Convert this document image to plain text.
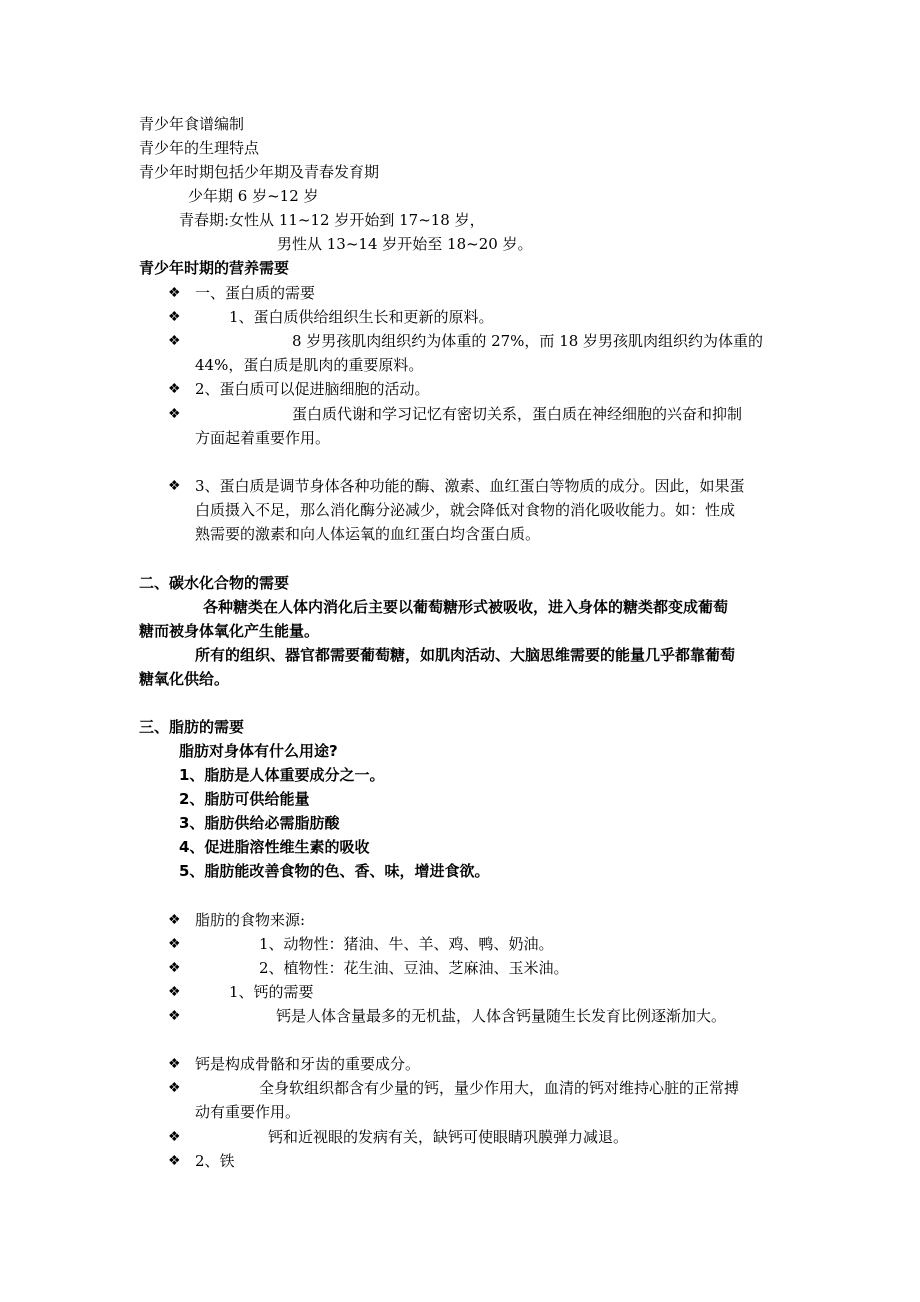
青少年食谱编制
青少年的生理特点
青少年时期包括少年期及青春发育期
少年期 6 岁~12 岁
青春期:女性从 11~12 岁开始到 17~18 岁，
男性从 13~14 岁开始至 18~20 岁。
青少年时期的营养需要
❖ 一、蛋白质的需要
❖	1、蛋白质供给组织生长和更新的原料。
❖	8 岁男孩肌肉组织约为体重的 27%，而 18 岁男孩肌肉组织约为体重的
44%，蛋白质是肌肉的重要原料。
❖ 2、蛋白质可以促进脑细胞的活动。
❖	蛋白质代谢和学习记忆有密切关系，蛋白质在神经细胞的兴奋和抑制
方面起着重要作用。
❖ 3、蛋白质是调节身体各种功能的酶、激素、血红蛋白等物质的成分。因此，如果蛋
白质摄入不足，那么消化酶分泌减少，就会降低对食物的消化吸收能力。如：性成
熟需要的激素和向人体运氧的血红蛋白均含蛋白质。
二、碳水化合物的需要
各种糖类在人体内消化后主要以葡萄糖形式被吸收，进入身体的糖类都变成葡萄
糖而被身体氧化产生能量。
所有的组织、器官都需要葡萄糖，如肌肉活动、大脑思维需要的能量几乎都靠葡萄
糖氧化供给。
三、脂肪的需要
脂肪对身体有什么用途?
1、脂肪是人体重要成分之一。
2、脂肪可供给能量
3、脂肪供给必需脂肪酸
4、促进脂溶性维生素的吸收
5、脂肪能改善食物的色、香、味，增进食欲。
❖ 脂肪的食物来源:
❖	1、动物性：猪油、牛、羊、鸡、鸭、奶油。
❖	2、植物性：花生油、豆油、芝麻油、玉米油。
❖	1、钙的需要
❖	钙是人体含量最多的无机盐，人体含钙量随生长发育比例逐渐加大。
❖ 钙是构成骨骼和牙齿的重要成分。
❖	全身软组织都含有少量的钙，量少作用大，血清的钙对维持心脏的正常搏
动有重要作用。
❖	钙和近视眼的发病有关，缺钙可使眼睛巩膜弹力减退。
❖ 2、铁
